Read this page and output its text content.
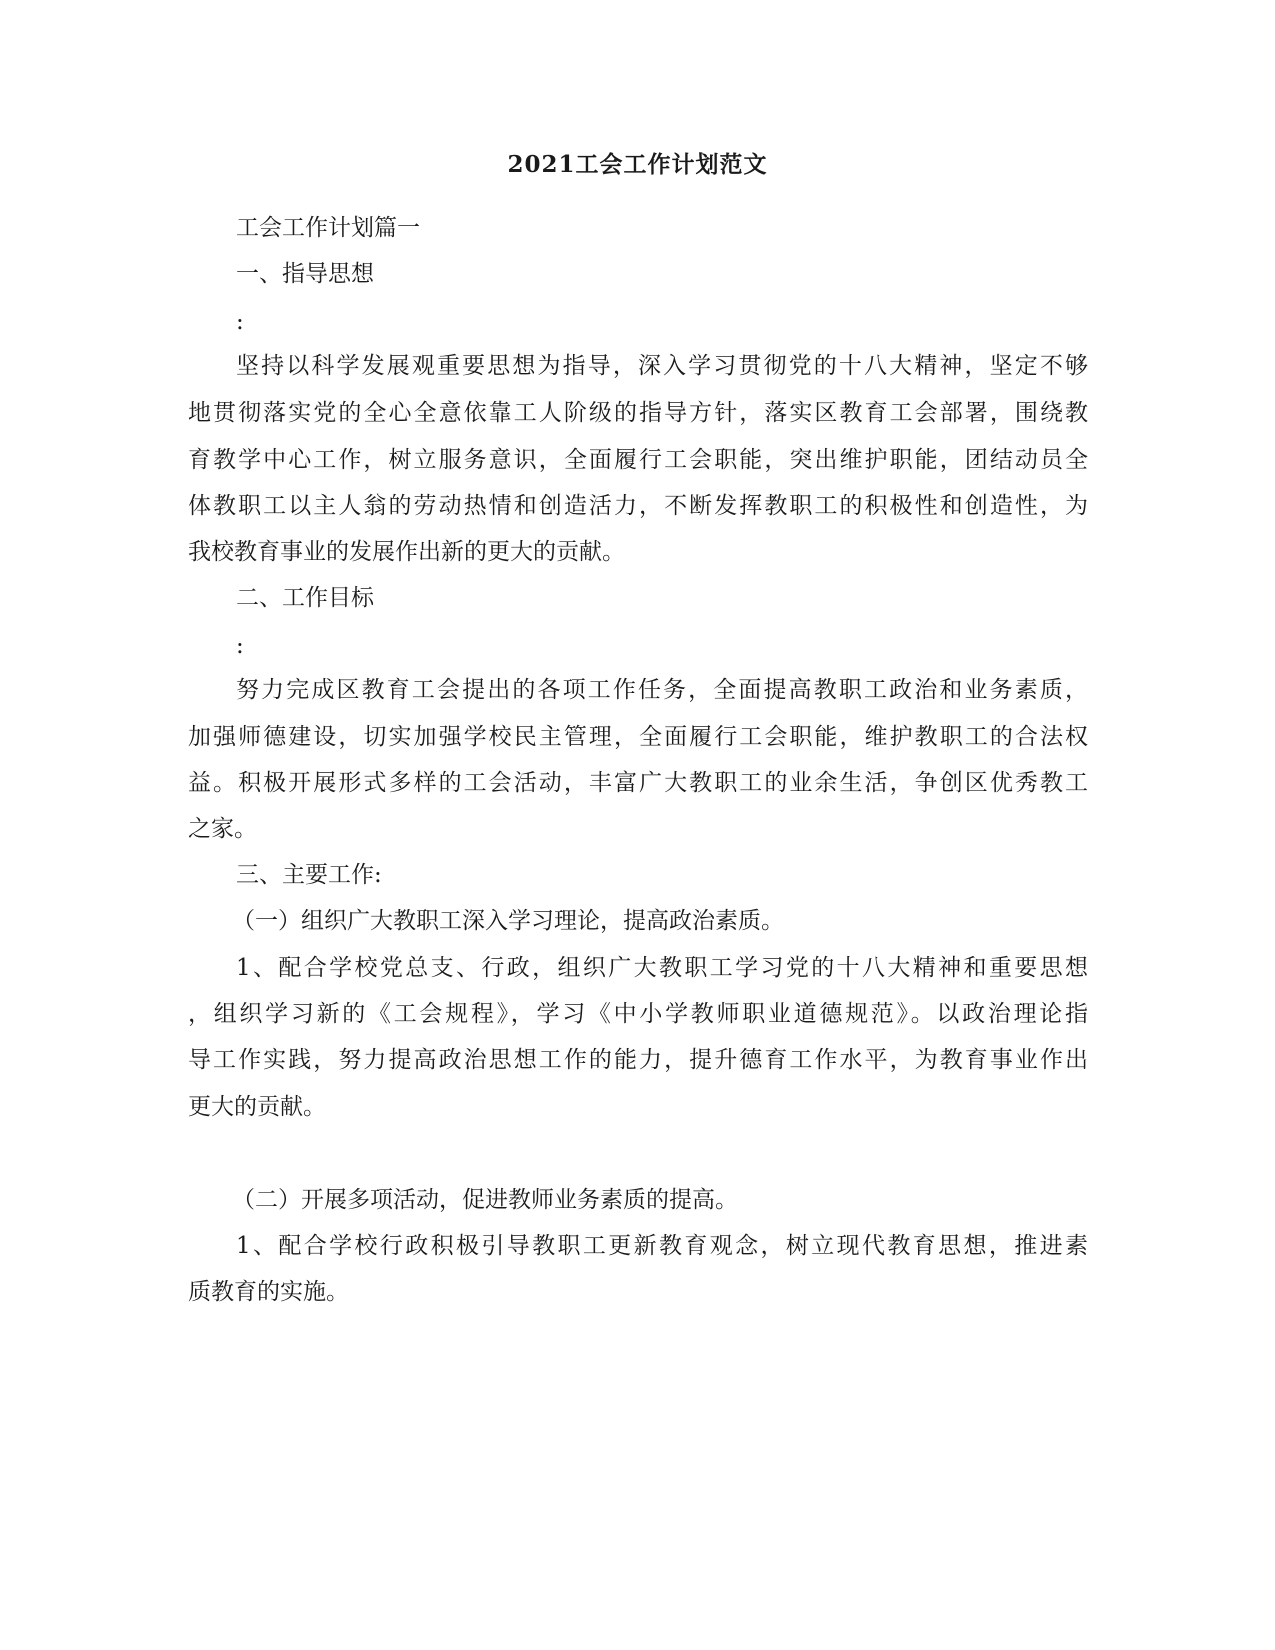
2021工会工作计划范文
工会工作计划篇一
一、指导思想
:
坚持以科学发展观重要思想为指导，深入学习贯彻党的十八大精神，坚定不够
地贯彻落实党的全心全意依靠工人阶级的指导方针，落实区教育工会部署，围绕教
育教学中心工作，树立服务意识，全面履行工会职能，突出维护职能，团结动员全
体教职工以主人翁的劳动热情和创造活力，不断发挥教职工的积极性和创造性，为
我校教育事业的发展作出新的更大的贡献。
二、工作目标
:
努力完成区教育工会提出的各项工作任务，全面提高教职工政治和业务素质，
加强师德建设，切实加强学校民主管理，全面履行工会职能，维护教职工的合法权
益。积极开展形式多样的工会活动，丰富广大教职工的业余生活，争创区优秀教工
之家。
三、主要工作:
（一）组织广大教职工深入学习理论，提高政治素质。
1、配合学校党总支、行政，组织广大教职工学习党的十八大精神和重要思想
，组织学习新的《工会规程》，学习《中小学教师职业道德规范》。以政治理论指
导工作实践，努力提高政治思想工作的能力，提升德育工作水平，为教育事业作出
更大的贡献。
（二）开展多项活动，促进教师业务素质的提高。
1、配合学校行政积极引导教职工更新教育观念，树立现代教育思想，推进素
质教育的实施。
